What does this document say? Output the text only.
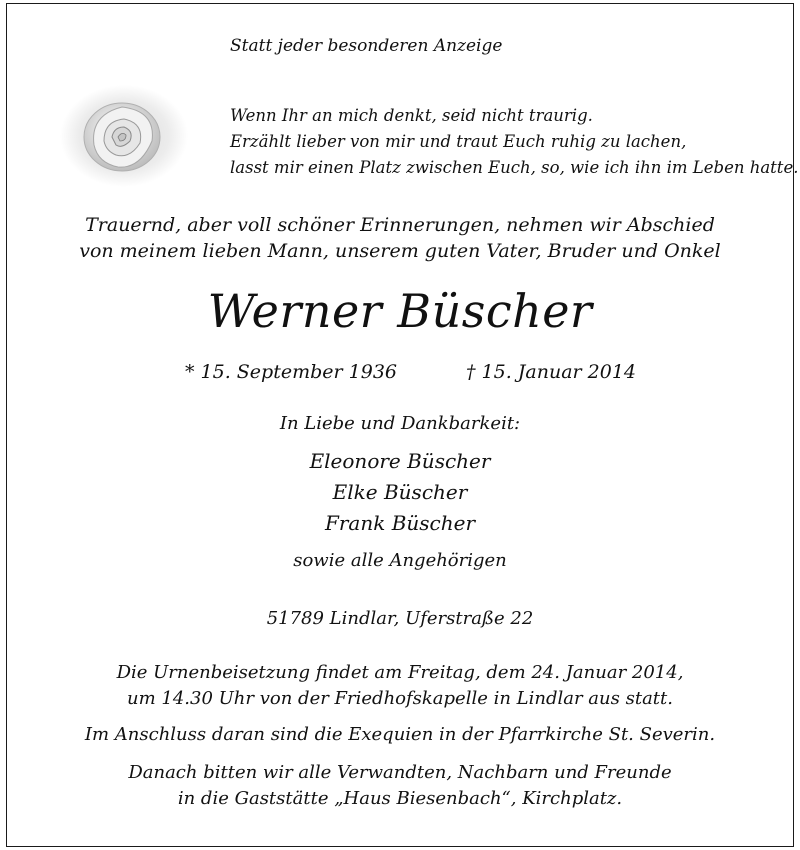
Statt jeder besonderen Anzeige
Wenn Ihr an mich denkt, seid nicht traurig.
Erzählt lieber von mir und traut Euch ruhig zu lachen,
lasst mir einen Platz zwischen Euch, so, wie ich ihn im Leben hatte.
Trauernd, aber voll schöner Erinnerungen, nehmen wir Abschied
von meinem lieben Mann, unserem guten Vater, Bruder und Onkel
Werner Büscher
* 15. September 1936	† 15. Januar 2014
In Liebe und Dankbarkeit:
Eleonore Büscher
Elke Büscher
Frank Büscher
sowie alle Angehörigen
51789 Lindlar, Uferstraße 22
Die Urnenbeisetzung findet am Freitag, dem 24. Januar 2014,
um 14.30 Uhr von der Friedhofskapelle in Lindlar aus statt.
Im Anschluss daran sind die Exequien in der Pfarrkirche St. Severin.
Danach bitten wir alle Verwandten, Nachbarn und Freunde
in die Gaststätte „Haus Biesenbach“, Kirchplatz.
